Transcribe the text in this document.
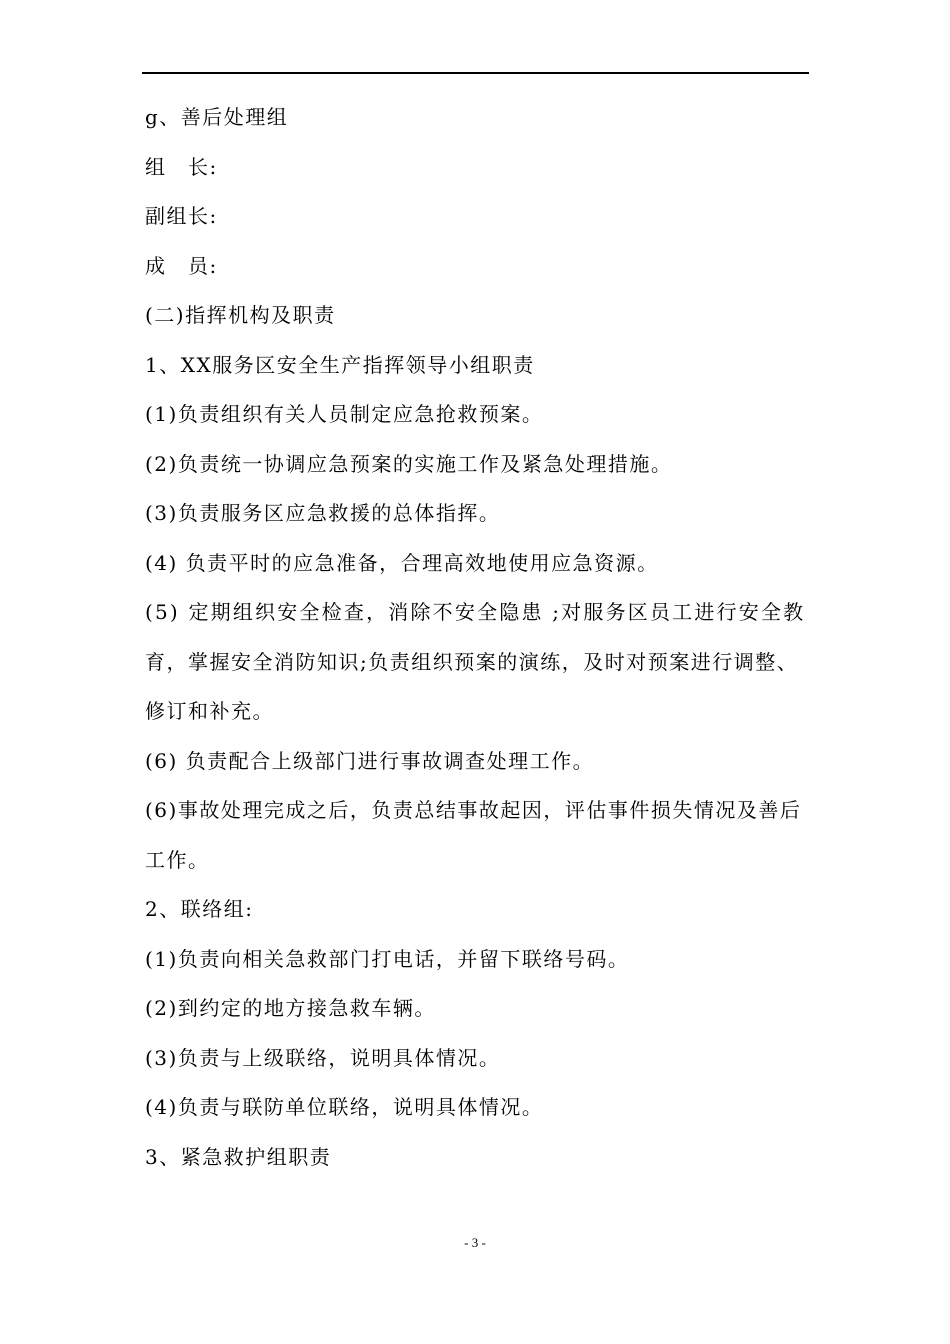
g、善后处理组
组　长:
副组长:
成　员:
(二)指挥机构及职责
1、XX服务区安全生产指挥领导小组职责
(1)负责组织有关人员制定应急抢救预案。
(2)负责统一协调应急预案的实施工作及紧急处理措施。
(3)负责服务区应急救援的总体指挥。
(4) 负责平时的应急准备，合理高效地使用应急资源。
(5) 定期组织安全检查，消除不安全隐患 ;对服务区员工进行安全教
育，掌握安全消防知识;负责组织预案的演练，及时对预案进行调整、
修订和补充。
(6) 负责配合上级部门进行事故调查处理工作。
(6)事故处理完成之后，负责总结事故起因，评估事件损失情况及善后
工作。
2、联络组:
(1)负责向相关急救部门打电话，并留下联络号码。
(2)到约定的地方接急救车辆。
(3)负责与上级联络，说明具体情况。
(4)负责与联防单位联络，说明具体情况。
3、紧急救护组职责
- 3 -
